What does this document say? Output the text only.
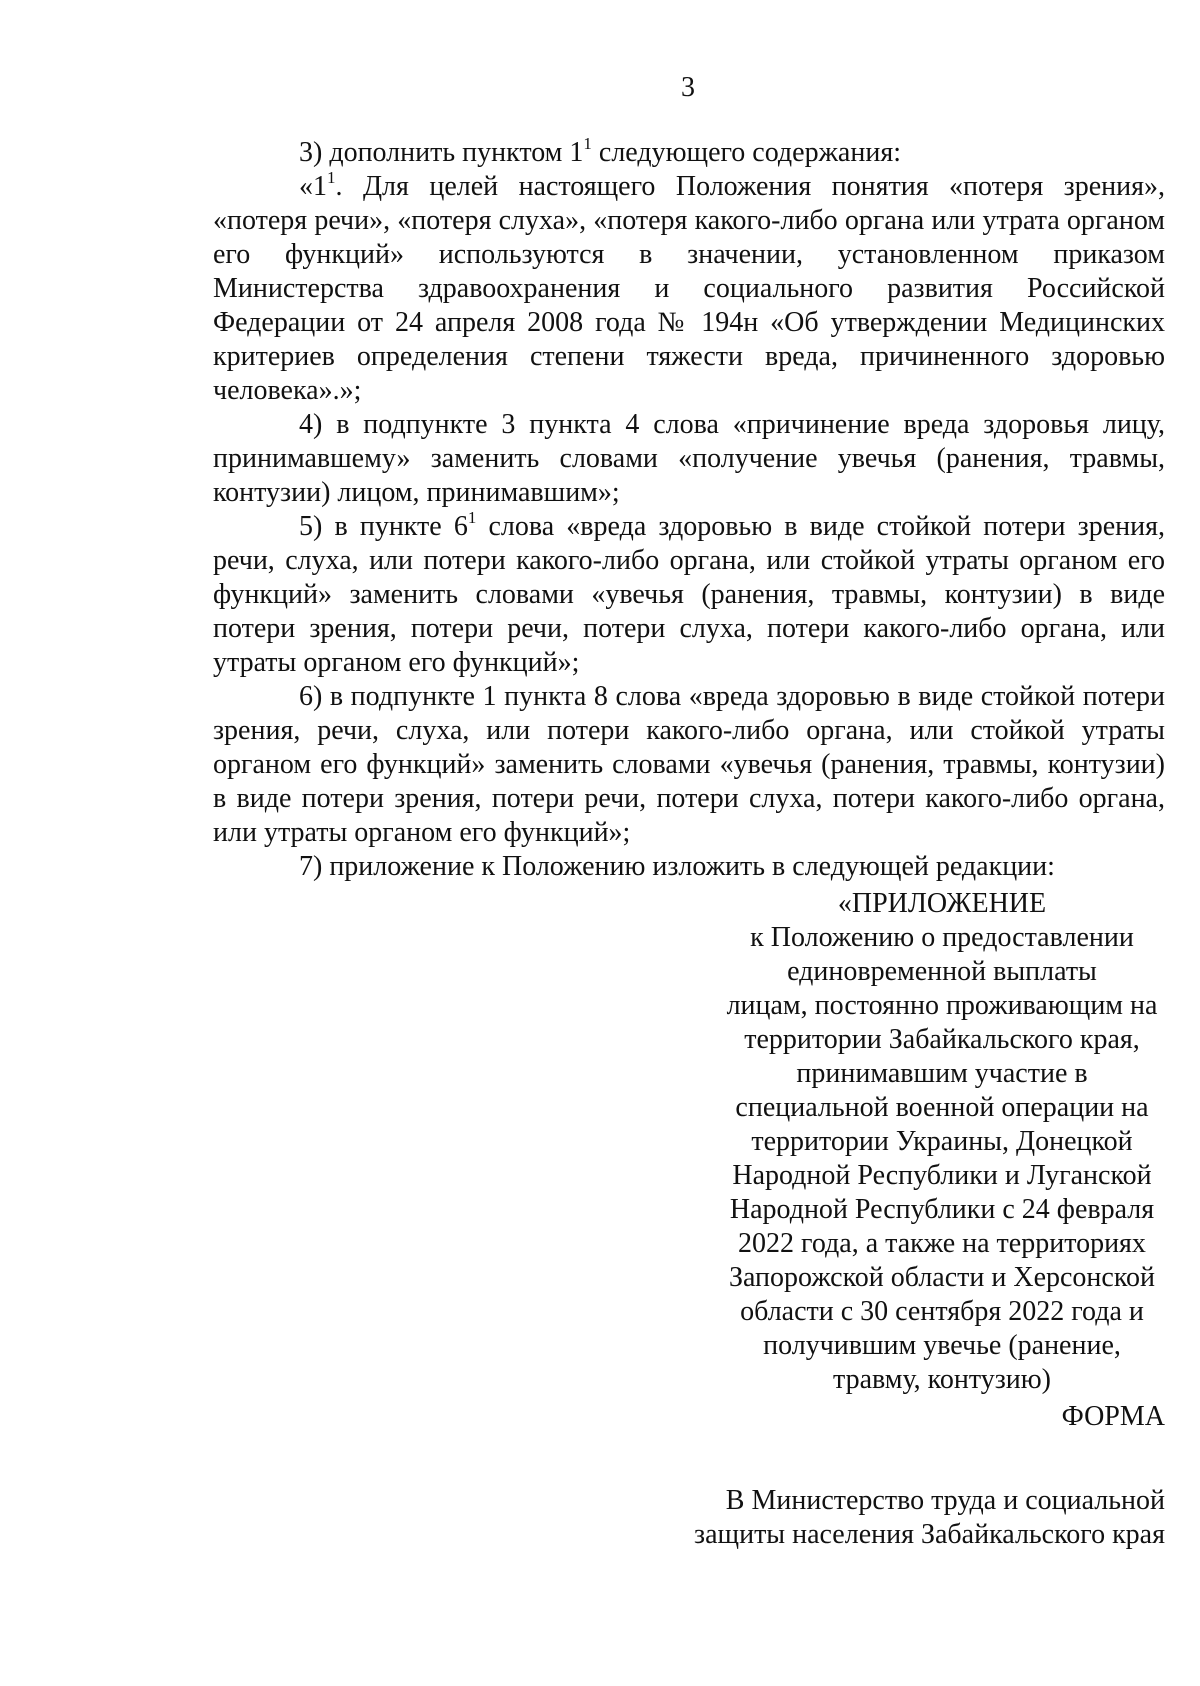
3

3) дополнить пунктом $1^1$ следующего содержания:

«$1^1$. Для целей настоящего Положения понятия «потеря зрения», «потеря речи», «потеря слуха», «потеря какого-либо органа или утрата органом его функций» используются в значении, установленном приказом Министерства здравоохранения и социального развития Российской Федерации от 24 апреля 2008 года № 194н «Об утверждении Медицинских критериев определения степени тяжести вреда, причиненного здоровью человека».»;

4) в подпункте 3 пункта 4 слова «причинение вреда здоровья лицу, принимавшему» заменить словами «получение увечья (ранения, травмы, контузии) лицом, принимавшим»;

5) в пункте $6^1$ слова «вреда здоровью в виде стойкой потери зрения, речи, слуха, или потери какого-либо органа, или стойкой утраты органом его функций» заменить словами «увечья (ранения, травмы, контузии) в виде потери зрения, потери речи, потери слуха, потери какого-либо органа, или утраты органом его функций»;

6) в подпункте 1 пункта 8 слова «вреда здоровью в виде стойкой потери зрения, речи, слуха, или потери какого-либо органа, или стойкой утраты органом его функций» заменить словами «увечья (ранения, травмы, контузии) в виде потери зрения, потери речи, потери слуха, потери какого-либо органа, или утраты органом его функций»;

7) приложение к Положению изложить в следующей редакции:

«ПРИЛОЖЕНИЕ

к Положению о предоставлении

единовременной выплаты

лицам, постоянно проживающим на

территории Забайкальского края,

принимавшим участие в

специальной военной операции на

территории Украины, Донецкой

Народной Республики и Луганской

Народной Республики с 24 февраля

2022 года, а также на территориях

Запорожской области и Херсонской

области с 30 сентября 2022 года и

получившим увечье (ранение,

травму, контузию)

ФОРМА

В Министерство труда и социальной

защиты населения Забайкальского края
